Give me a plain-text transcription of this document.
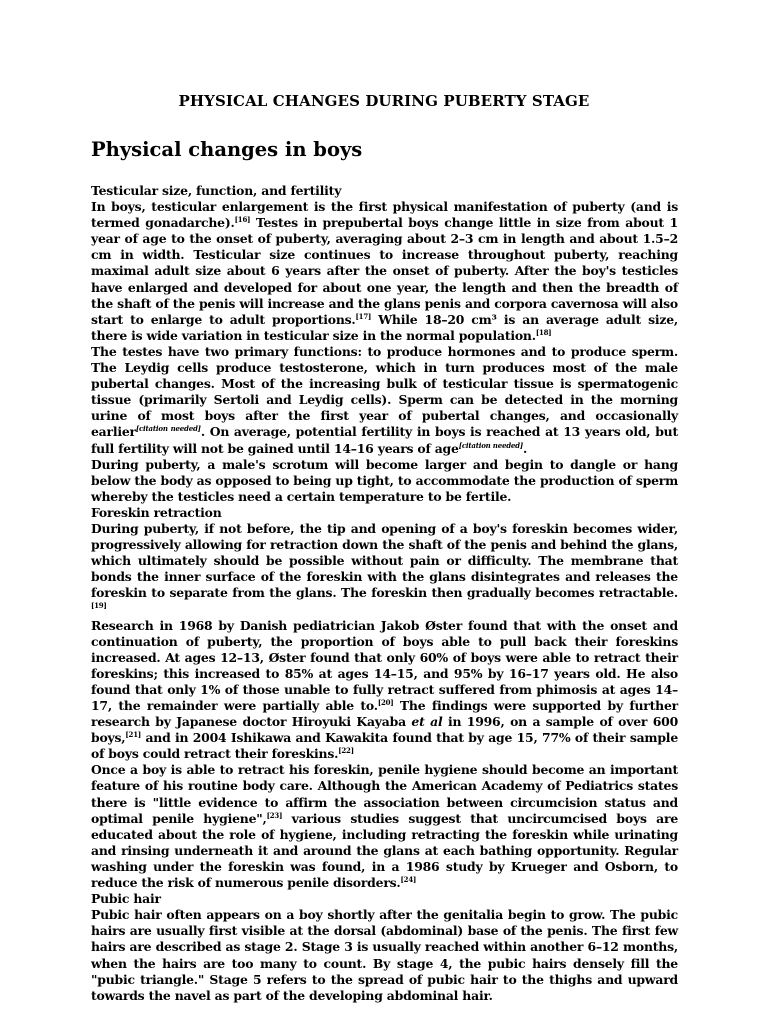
PHYSICAL CHANGES DURING PUBERTY STAGE
Physical changes in boys
Testicular size, function, and fertility

In boys, testicular enlargement is the first physical manifestation of puberty (and is termed gonadarche).[16] Testes in prepubertal boys change little in size from about 1 year of age to the onset of puberty, averaging about 2–3 cm in length and about 1.5–2 cm in width. Testicular size continues to increase throughout puberty, reaching maximal adult size about 6 years after the onset of puberty. After the boy's testicles have enlarged and developed for about one year, the length and then the breadth of the shaft of the penis will increase and the glans penis and corpora cavernosa will also start to enlarge to adult proportions.[17] While 18–20 cm³ is an average adult size, there is wide variation in testicular size in the normal population.[18]

The testes have two primary functions: to produce hormones and to produce sperm. The Leydig cells produce testosterone, which in turn produces most of the male pubertal changes. Most of the increasing bulk of testicular tissue is spermatogenic tissue (primarily Sertoli and Leydig cells). Sperm can be detected in the morning urine of most boys after the first year of pubertal changes, and occasionally earlier[citation needed]. On average, potential fertility in boys is reached at 13 years old, but full fertility will not be gained until 14–16 years of age[citation needed].

During puberty, a male's scrotum will become larger and begin to dangle or hang below the body as opposed to being up tight, to accommodate the production of sperm whereby the testicles need a certain temperature to be fertile.

Foreskin retraction

During puberty, if not before, the tip and opening of a boy's foreskin becomes wider, progressively allowing for retraction down the shaft of the penis and behind the glans, which ultimately should be possible without pain or difficulty. The membrane that bonds the inner surface of the foreskin with the glans disintegrates and releases the foreskin to separate from the glans. The foreskin then gradually becomes retractable.[19]

Research in 1968 by Danish pediatrician Jakob Øster found that with the onset and continuation of puberty, the proportion of boys able to pull back their foreskins increased. At ages 12–13, Øster found that only 60% of boys were able to retract their foreskins; this increased to 85% at ages 14–15, and 95% by 16–17 years old. He also found that only 1% of those unable to fully retract suffered from phimosis at ages 14–17, the remainder were partially able to.[20] The findings were supported by further research by Japanese doctor Hiroyuki Kayaba et al in 1996, on a sample of over 600 boys,[21] and in 2004 Ishikawa and Kawakita found that by age 15, 77% of their sample of boys could retract their foreskins.[22]

Once a boy is able to retract his foreskin, penile hygiene should become an important feature of his routine body care. Although the American Academy of Pediatrics states there is "little evidence to affirm the association between circumcision status and optimal penile hygiene",[23] various studies suggest that uncircumcised boys are educated about the role of hygiene, including retracting the foreskin while urinating and rinsing underneath it and around the glans at each bathing opportunity. Regular washing under the foreskin was found, in a 1986 study by Krueger and Osborn, to reduce the risk of numerous penile disorders.[24]

Pubic hair

Pubic hair often appears on a boy shortly after the genitalia begin to grow. The pubic hairs are usually first visible at the dorsal (abdominal) base of the penis. The first few hairs are described as stage 2. Stage 3 is usually reached within another 6–12 months, when the hairs are too many to count. By stage 4, the pubic hairs densely fill the "pubic triangle." Stage 5 refers to the spread of pubic hair to the thighs and upward towards the navel as part of the developing abdominal hair.
